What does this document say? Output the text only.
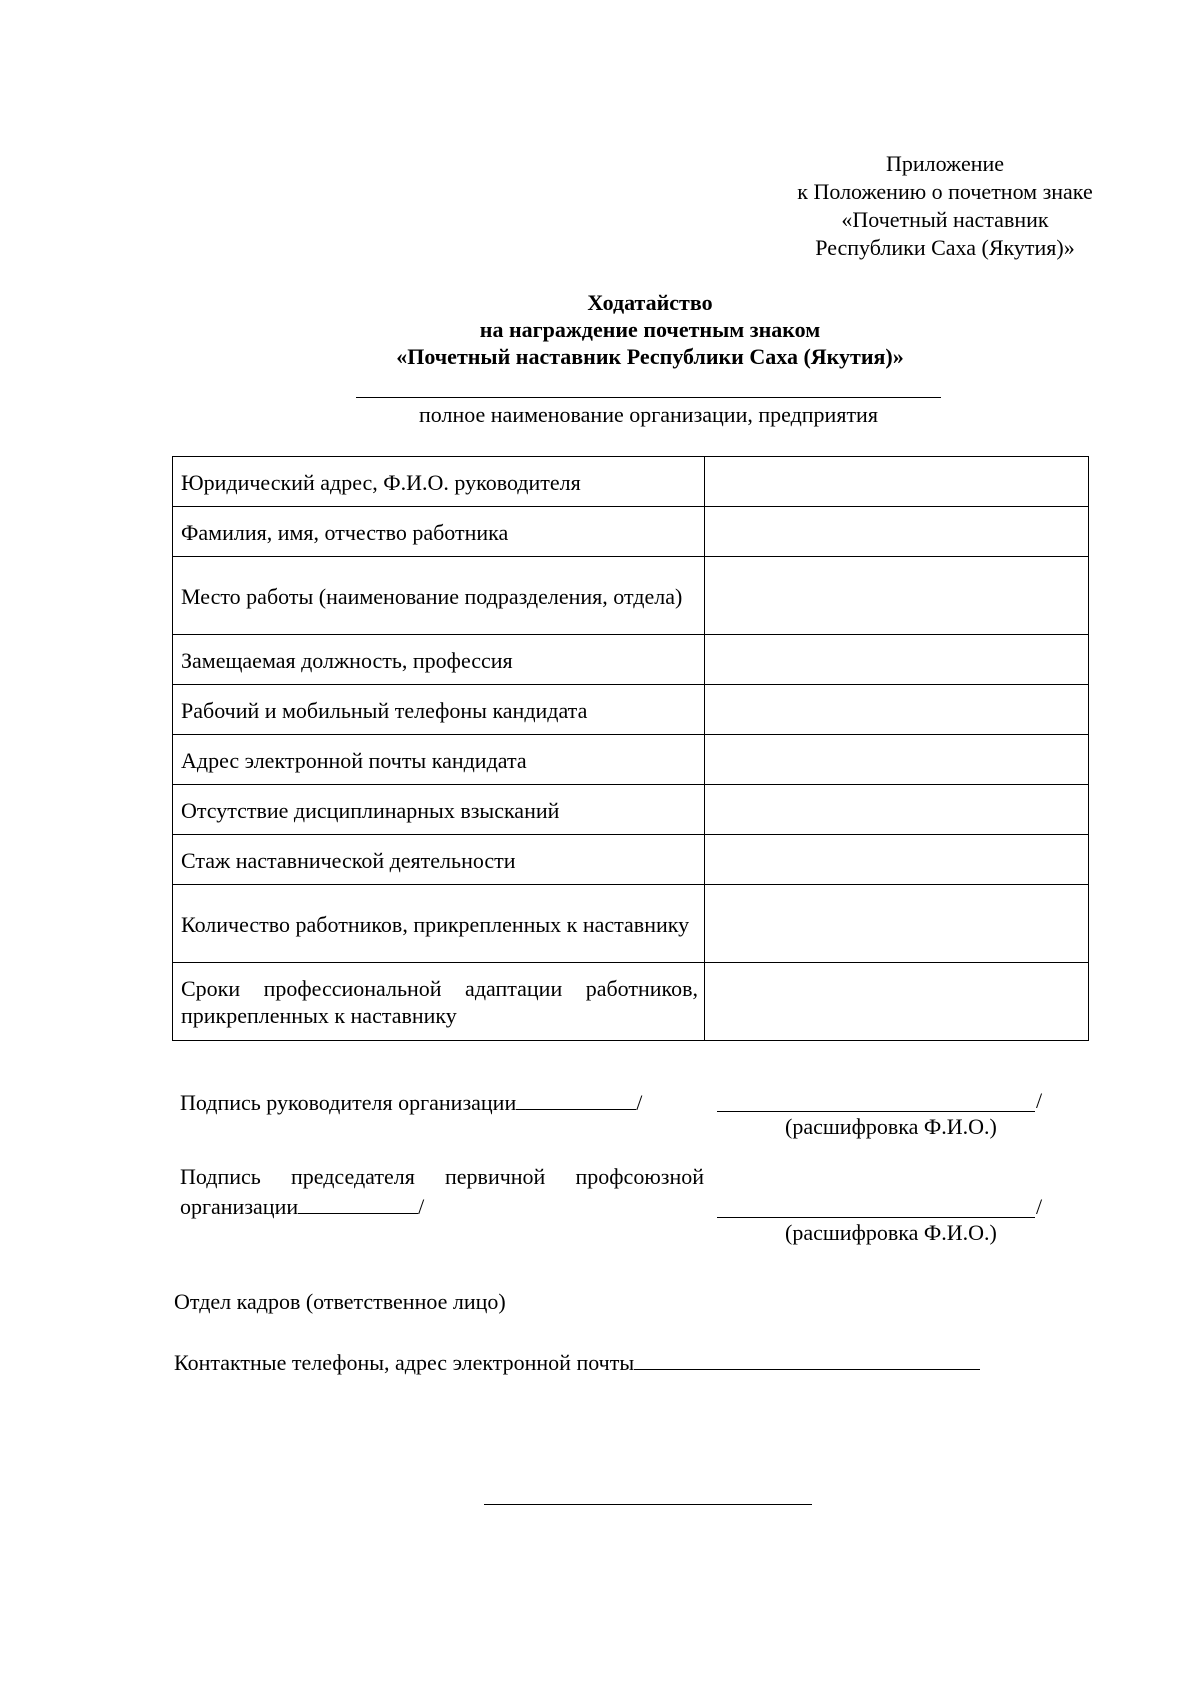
Приложение
к Положению о почетном знаке
«Почетный наставник
Республики Саха (Якутия)»
Ходатайство
на награждение почетным знаком
«Почетный наставник Республики Саха (Якутия)»
полное наименование организации, предприятия
Юридический адрес, Ф.И.О. руководителя	
Фамилия, имя, отчество работника	
Место работы (наименование подразделения, отдела)	
Замещаемая должность, профессия	
Рабочий и мобильный телефоны кандидата	
Адрес электронной почты кандидата	
Отсутствие дисциплинарных взысканий	
Стаж наставнической деятельности	
Количество работников, прикрепленных к наставнику	
Сроки профессиональной адаптации работников, прикрепленных к наставнику	
Подпись руководителя организации	/	/
(расшифровка Ф.И.О.)
Подпись председателя первичной профсоюзной
организации	/	/
(расшифровка Ф.И.О.)
Отдел кадров (ответственное лицо)
Контактные телефоны, адрес электронной почты
